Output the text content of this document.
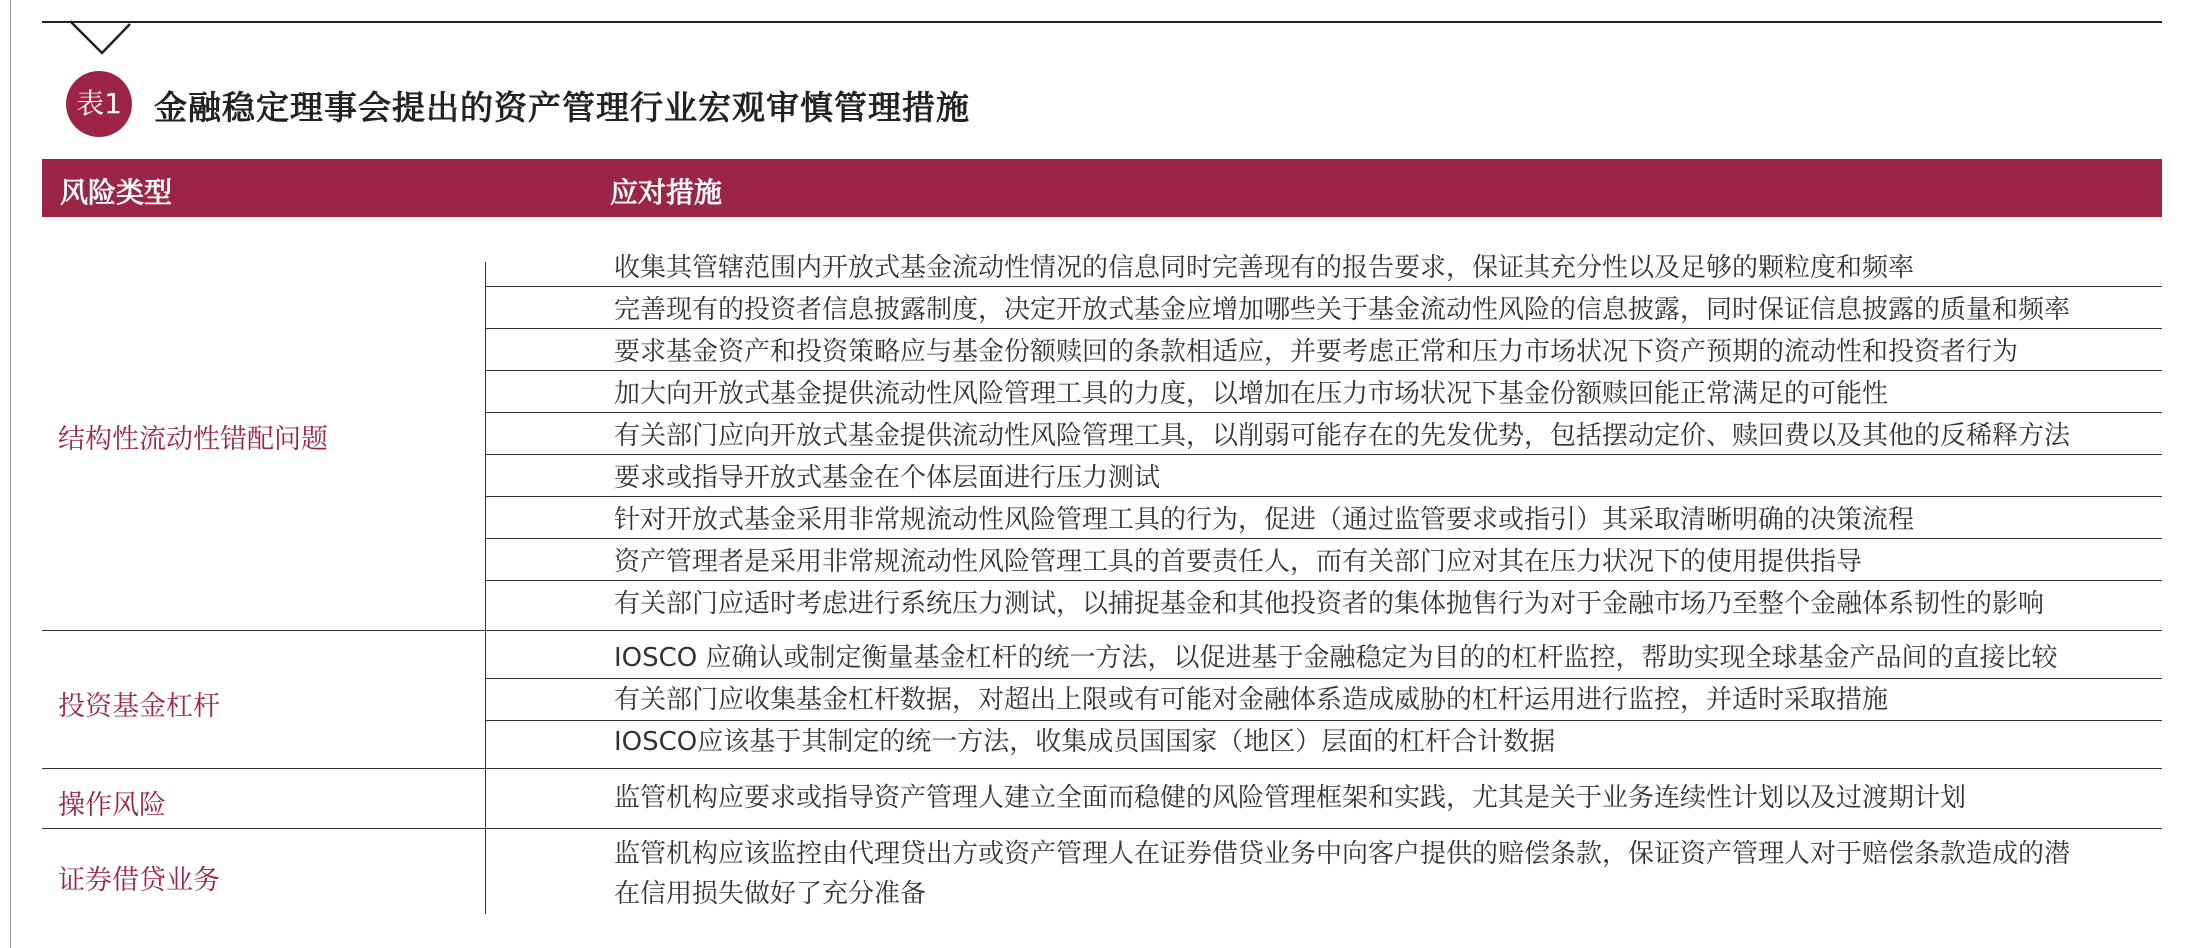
表1 金融稳定理事会提出的资产管理行业宏观审慎管理措施
风险类型	应对措施
结构性流动性错配问题
收集其管辖范围内开放式基金流动性情况的信息同时完善现有的报告要求，保证其充分性以及足够的颗粒度和频率
完善现有的投资者信息披露制度，决定开放式基金应增加哪些关于基金流动性风险的信息披露，同时保证信息披露的质量和频率
要求基金资产和投资策略应与基金份额赎回的条款相适应，并要考虑正常和压力市场状况下资产预期的流动性和投资者行为
加大向开放式基金提供流动性风险管理工具的力度，以增加在压力市场状况下基金份额赎回能正常满足的可能性
有关部门应向开放式基金提供流动性风险管理工具，以削弱可能存在的先发优势，包括摆动定价、赎回费以及其他的反稀释方法
要求或指导开放式基金在个体层面进行压力测试
针对开放式基金采用非常规流动性风险管理工具的行为，促进（通过监管要求或指引）其采取清晰明确的决策流程
资产管理者是采用非常规流动性风险管理工具的首要责任人，而有关部门应对其在压力状况下的使用提供指导
有关部门应适时考虑进行系统压力测试，以捕捉基金和其他投资者的集体抛售行为对于金融市场乃至整个金融体系韧性的影响
投资基金杠杆
IOSCO 应确认或制定衡量基金杠杆的统一方法，以促进基于金融稳定为目的的杠杆监控，帮助实现全球基金产品间的直接比较
有关部门应收集基金杠杆数据，对超出上限或有可能对金融体系造成威胁的杠杆运用进行监控，并适时采取措施
IOSCO应该基于其制定的统一方法，收集成员国国家（地区）层面的杠杆合计数据
操作风险	监管机构应要求或指导资产管理人建立全面而稳健的风险管理框架和实践，尤其是关于业务连续性计划以及过渡期计划
证券借贷业务
监管机构应该监控由代理贷出方或资产管理人在证券借贷业务中向客户提供的赔偿条款，保证资产管理人对于赔偿条款造成的潜
在信用损失做好了充分准备
